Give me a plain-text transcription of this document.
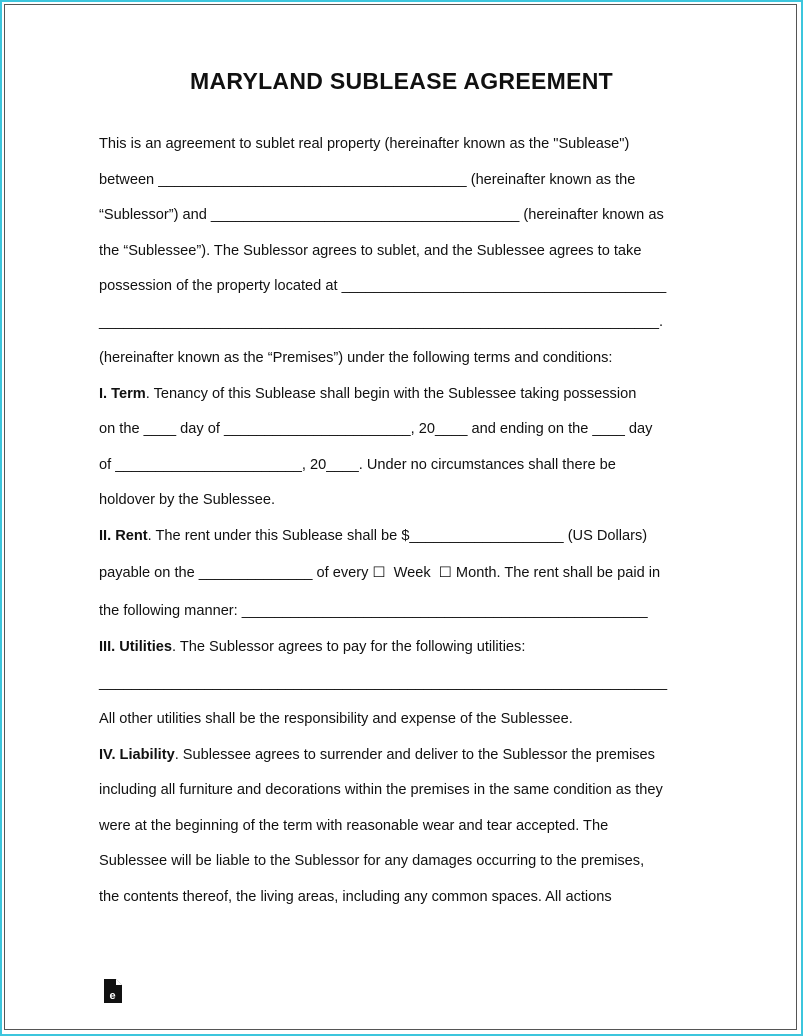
MARYLAND SUBLEASE AGREEMENT
This is an agreement to sublet real property (hereinafter known as the "Sublease")
between ______________________________________ (hereinafter known as the
“Sublessor”) and ______________________________________ (hereinafter known as
the “Sublessee”). The Sublessor agrees to sublet, and the Sublessee agrees to take
possession of the property located at ________________________________________
_____________________________________________________________________.
(hereinafter known as the “Premises”) under the following terms and conditions:
I. Term. Tenancy of this Sublease shall begin with the Sublessee taking possession
on the ____ day of _______________________, 20____ and ending on the ____ day
of _______________________, 20____. Under no circumstances shall there be
holdover by the Sublessee.
II. Rent. The rent under this Sublease shall be $___________________ (US Dollars)
payable on the ______________ of every ☐  Week  ☐ Month. The rent shall be paid in
the following manner: __________________________________________________
III. Utilities. The Sublessor agrees to pay for the following utilities:
______________________________________________________________________
All other utilities shall be the responsibility and expense of the Sublessee.
IV. Liability. Sublessee agrees to surrender and deliver to the Sublessor the premises
including all furniture and decorations within the premises in the same condition as they
were at the beginning of the term with reasonable wear and tear accepted. The
Sublessee will be liable to the Sublessor for any damages occurring to the premises,
the contents thereof, the living areas, including any common spaces. All actions
e
